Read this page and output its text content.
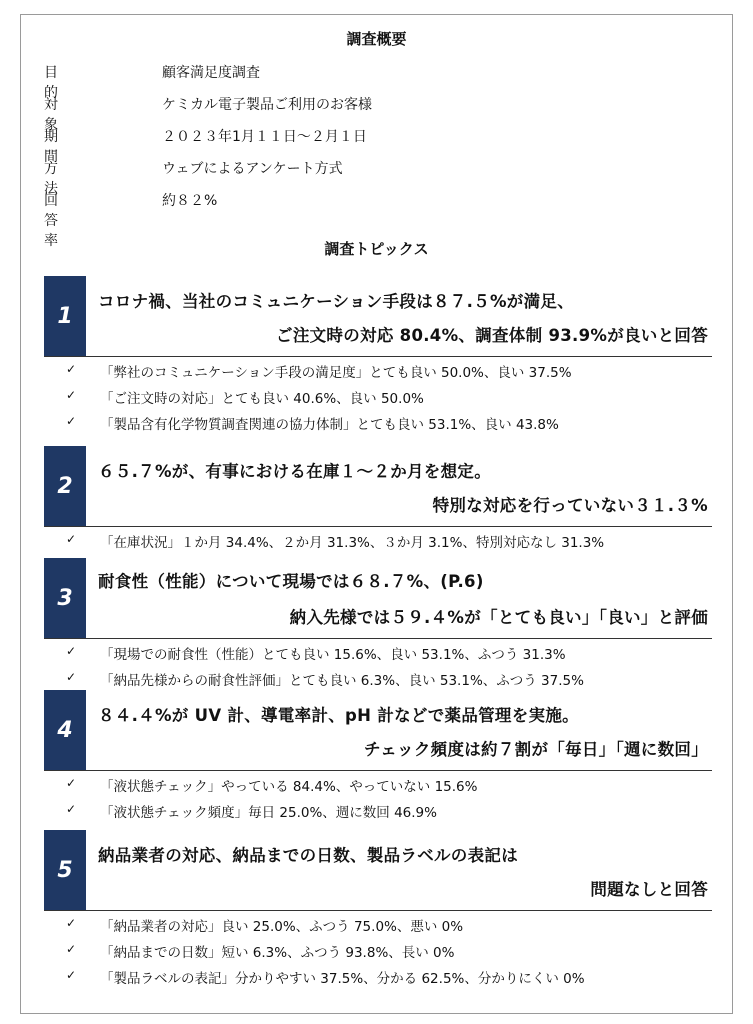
調査概要
目的
顧客満足度調査
対象
ケミカル電子製品ご利用のお客様
期間
２０２３年1月１１日～２月１日
方法
ウェブによるアンケート方式
回答率
約８２%
調査トピックス
1
コロナ禍、当社のコミュニケーション手段は８７.５%が満足、
ご注文時の対応 80.4%、調査体制 93.9%が良いと回答
✓ 「弊社のコミュニケーション手段の満足度」とても良い 50.0%、良い 37.5%
✓ 「ご注文時の対応」とても良い 40.6%、良い 50.0%
✓ 「製品含有化学物質調査関連の協力体制」とても良い 53.1%、良い 43.8%
2
６５.７%が、有事における在庫１～２か月を想定。
特別な対応を行っていない３１.３%
✓ 「在庫状況」１か月 34.4%、２か月 31.3%、３か月 3.1%、特別対応なし 31.3%
3
耐食性（性能）について現場では６８.７%、(P.6)
納入先様では５９.４%が「とても良い」「良い」と評価
✓ 「現場での耐食性（性能）とても良い 15.6%、良い 53.1%、ふつう 31.3%
✓ 「納品先様からの耐食性評価」とても良い 6.3%、良い 53.1%、ふつう 37.5%
4
８４.４%が UV 計、導電率計、pH 計などで薬品管理を実施。
チェック頻度は約７割が「毎日」「週に数回」
✓ 「液状態チェック」やっている 84.4%、やっていない 15.6%
✓ 「液状態チェック頻度」毎日 25.0%、週に数回 46.9%
5
納品業者の対応、納品までの日数、製品ラベルの表記は
問題なしと回答
✓ 「納品業者の対応」良い 25.0%、ふつう 75.0%、悪い 0%
✓ 「納品までの日数」短い 6.3%、ふつう 93.8%、長い 0%
✓ 「製品ラベルの表記」分かりやすい 37.5%、分かる 62.5%、分かりにくい 0%
